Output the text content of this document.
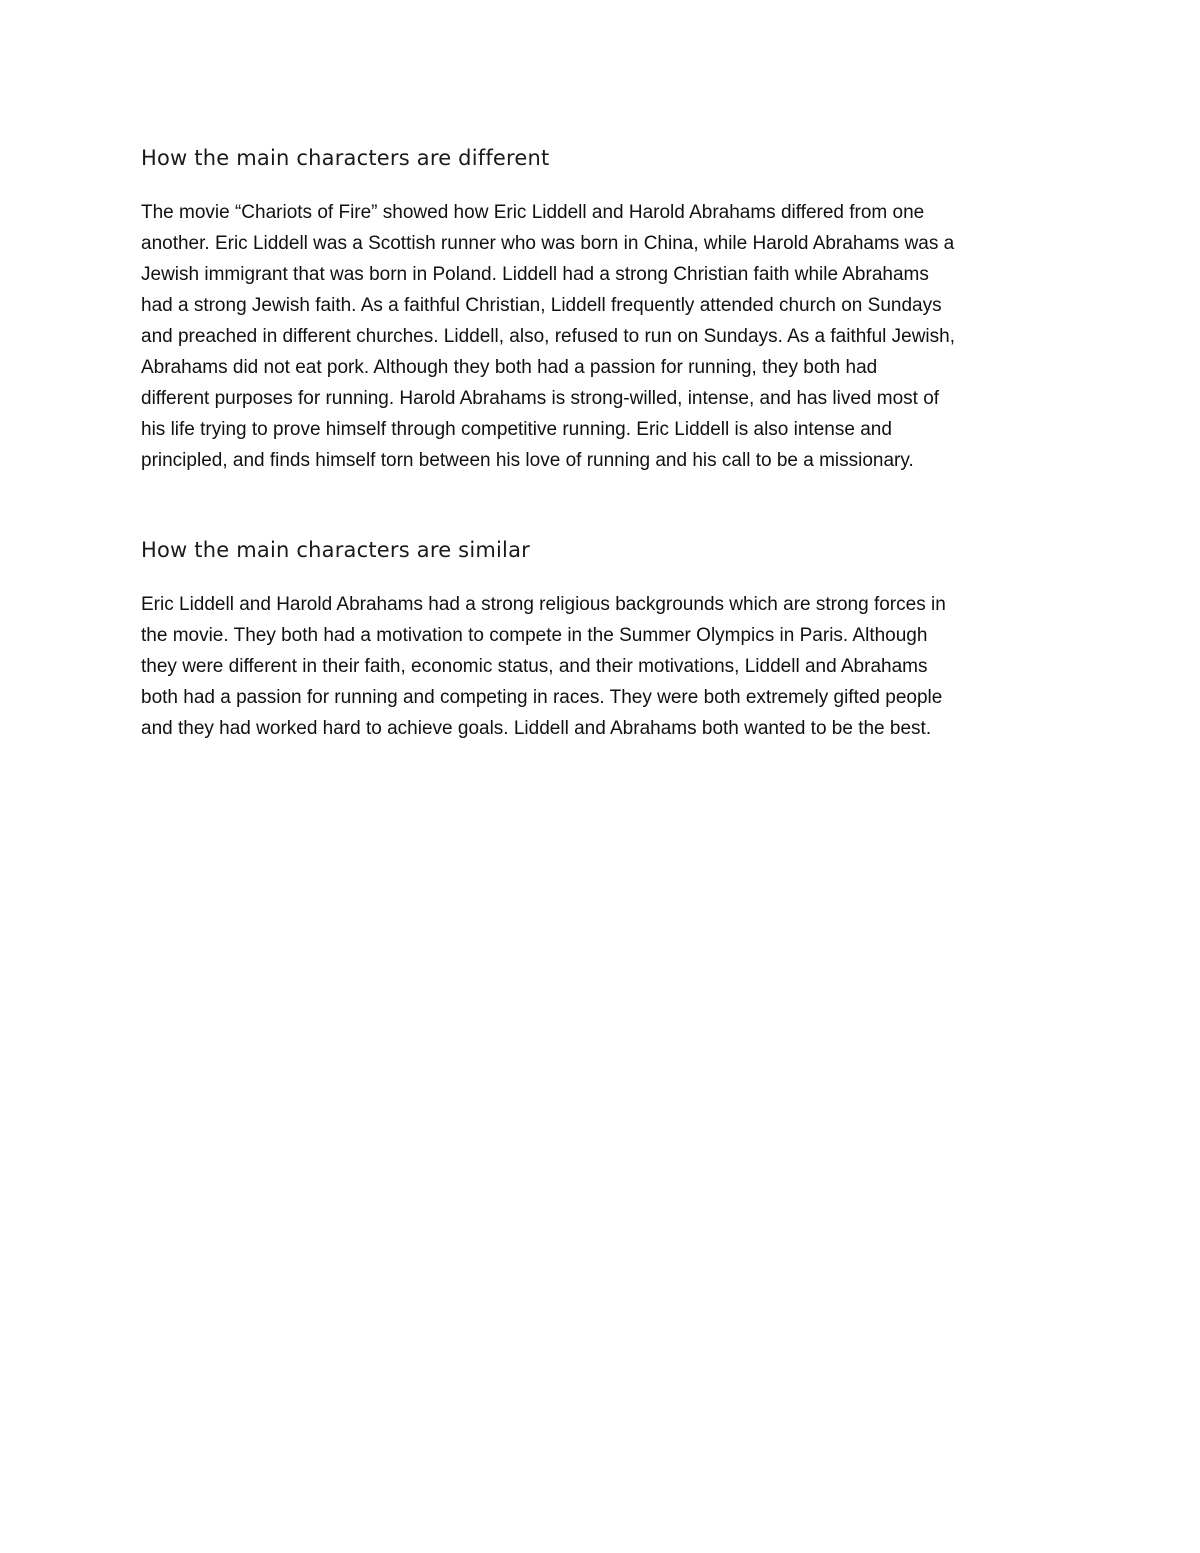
How the main characters are different

The movie “Chariots of Fire” showed how Eric Liddell and Harold Abrahams differed from one
another. Eric Liddell was a Scottish runner who was born in China, while Harold Abrahams was a
Jewish immigrant that was born in Poland. Liddell had a strong Christian faith while Abrahams
had a strong Jewish faith. As a faithful Christian, Liddell frequently attended church on Sundays
and preached in different churches. Liddell, also, refused to run on Sundays. As a faithful Jewish,
Abrahams did not eat pork. Although they both had a passion for running, they both had
different purposes for running. Harold Abrahams is strong-willed, intense, and has lived most of
his life trying to prove himself through competitive running. Eric Liddell is also intense and
principled, and finds himself torn between his love of running and his call to be a missionary.

How the main characters are similar

Eric Liddell and Harold Abrahams had a strong religious backgrounds which are strong forces in
the movie. They both had a motivation to compete in the Summer Olympics in Paris. Although
they were different in their faith, economic status, and their motivations, Liddell and Abrahams
both had a passion for running and competing in races. They were both extremely gifted people
and they had worked hard to achieve goals. Liddell and Abrahams both wanted to be the best.
